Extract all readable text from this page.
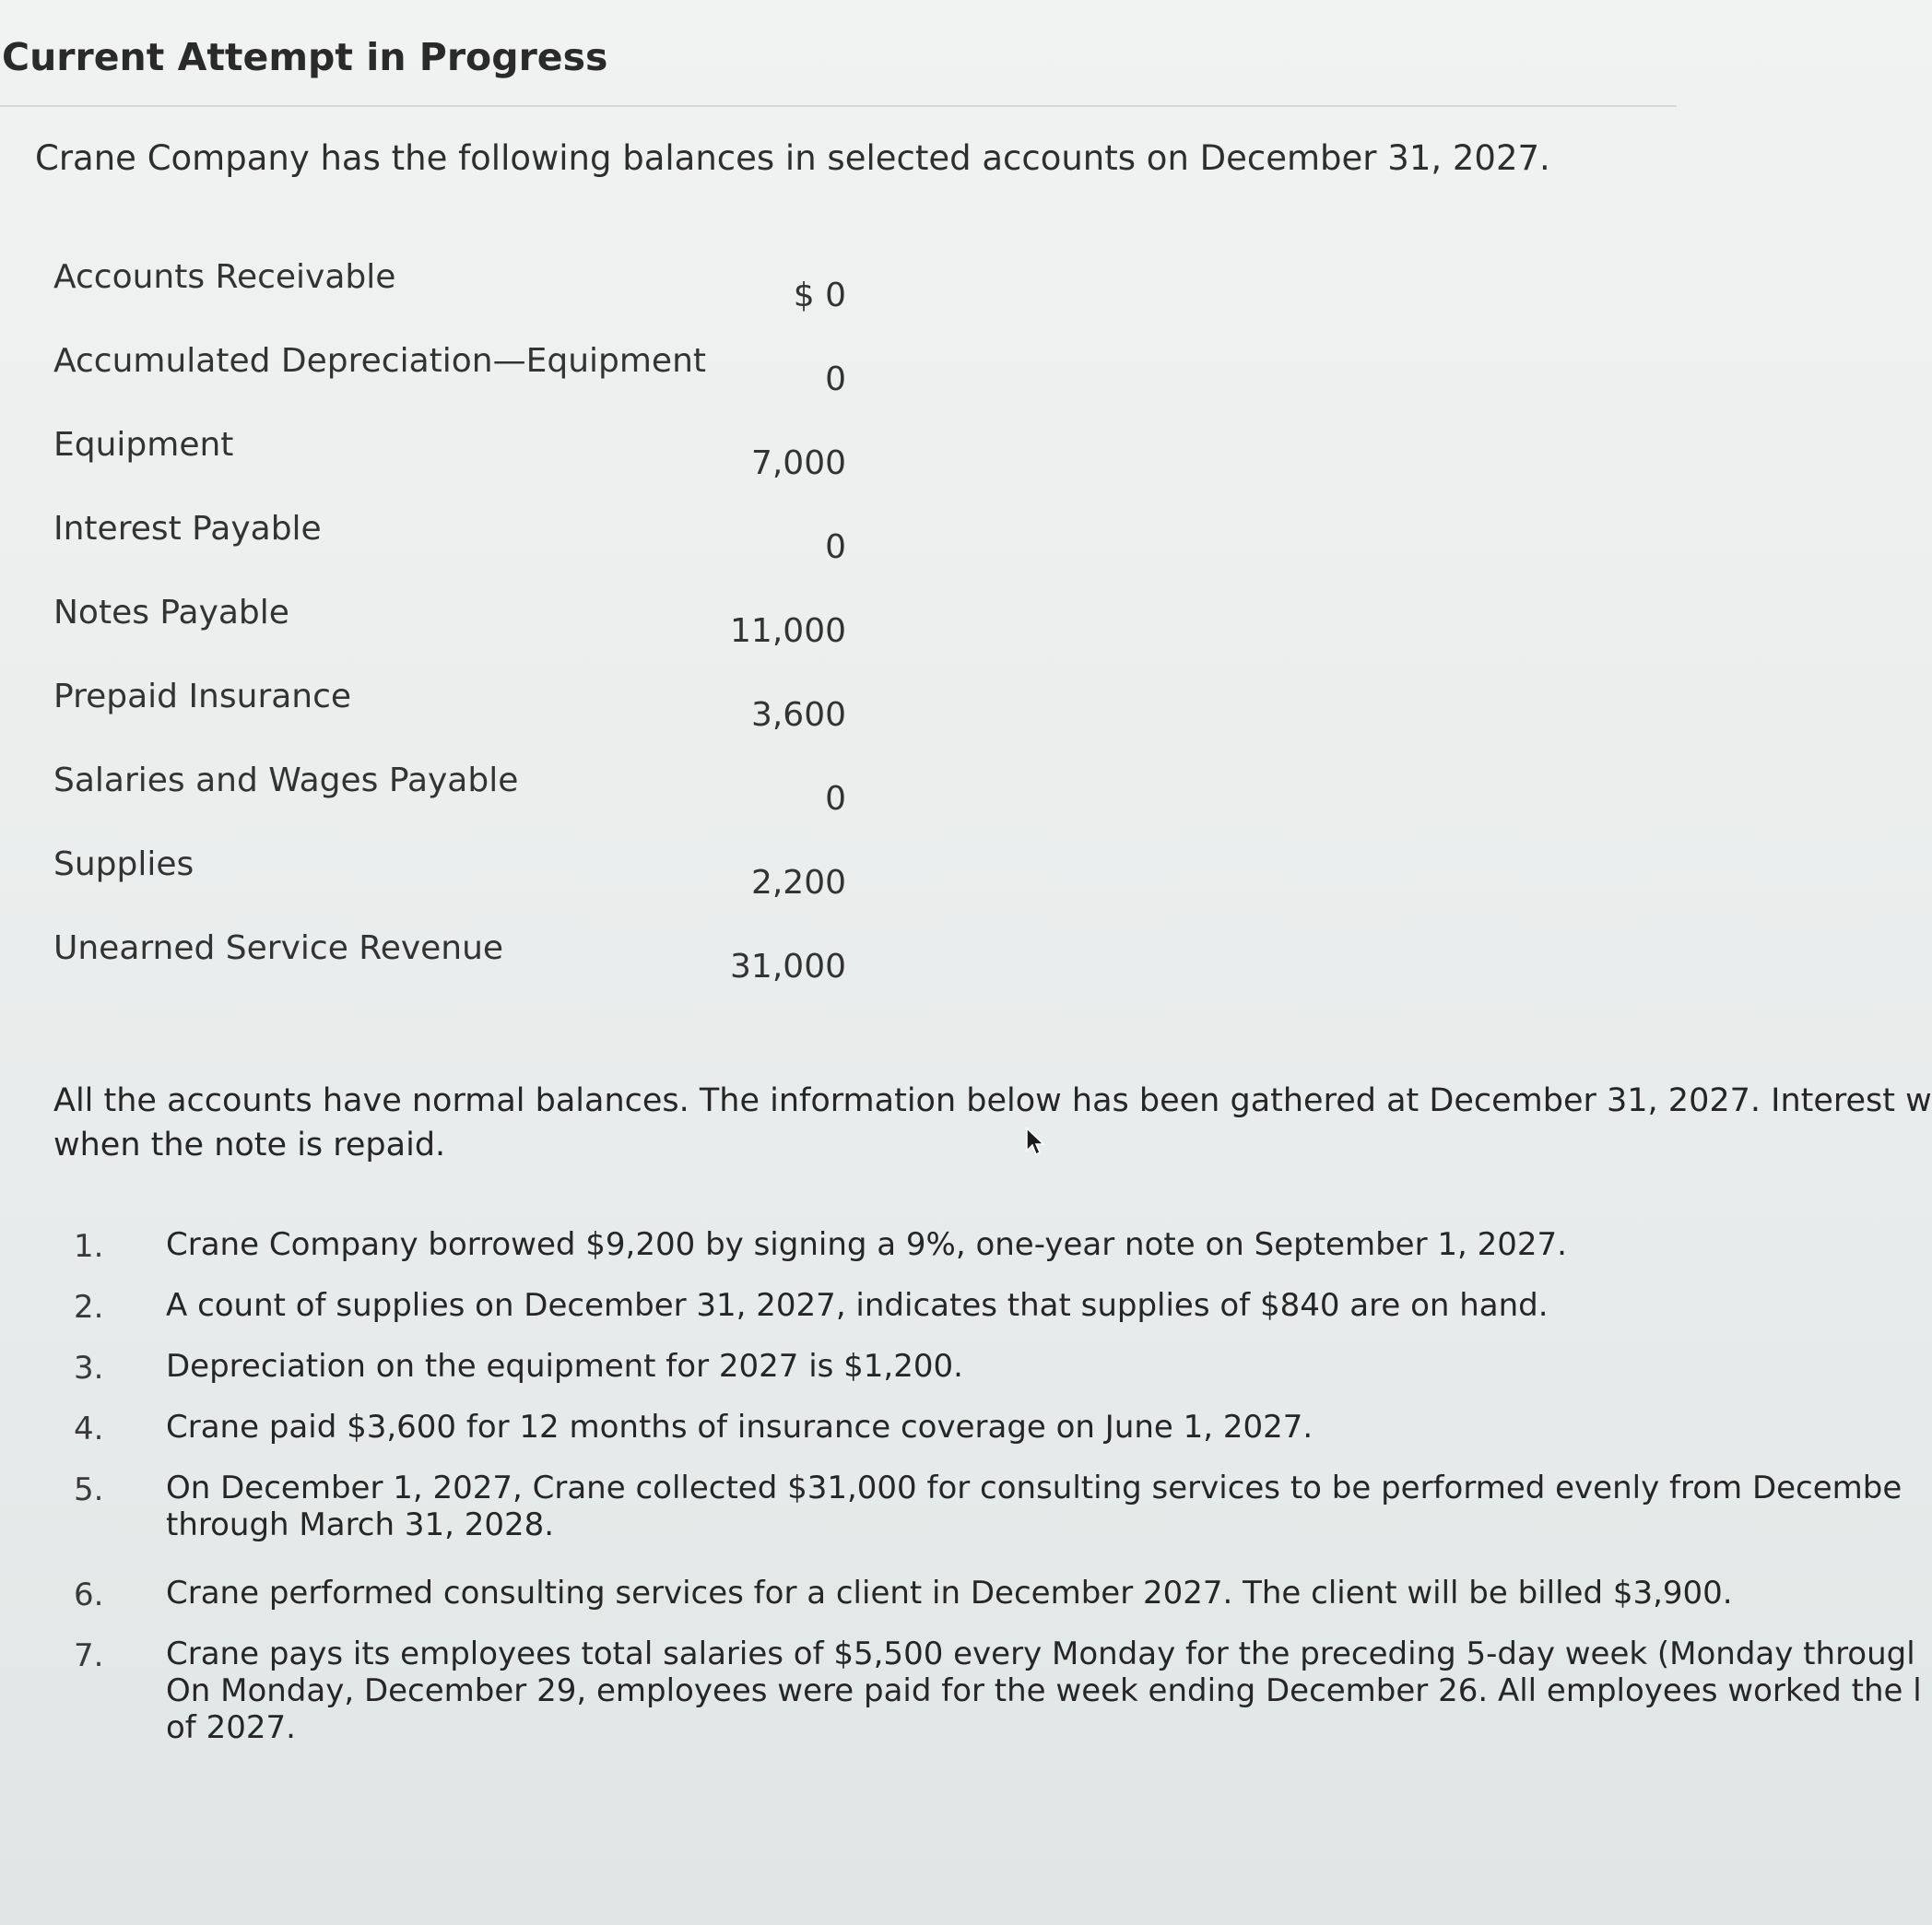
Current Attempt in Progress
Crane Company has the following balances in selected accounts on December 31, 2027.
Accounts Receivable	$ 0
Accumulated Depreciation—Equipment	0
Equipment	7,000
Interest Payable	0
Notes Payable	11,000
Prepaid Insurance	3,600
Salaries and Wages Payable	0
Supplies	2,200
Unearned Service Revenue	31,000
All the accounts have normal balances. The information below has been gathered at December 31, 2027. Interest w
when the note is repaid.
1.	Crane Company borrowed $9,200 by signing a 9%, one-year note on September 1, 2027.
2.	A count of supplies on December 31, 2027, indicates that supplies of $840 are on hand.
3.	Depreciation on the equipment for 2027 is $1,200.
4.	Crane paid $3,600 for 12 months of insurance coverage on June 1, 2027.
5.	On December 1, 2027, Crane collected $31,000 for consulting services to be performed evenly from Decembe
through March 31, 2028.
6.	Crane performed consulting services for a client in December 2027. The client will be billed $3,900.
7.	Crane pays its employees total salaries of $5,500 every Monday for the preceding 5-day week (Monday througl
On Monday, December 29, employees were paid for the week ending December 26. All employees worked the l
of 2027.
